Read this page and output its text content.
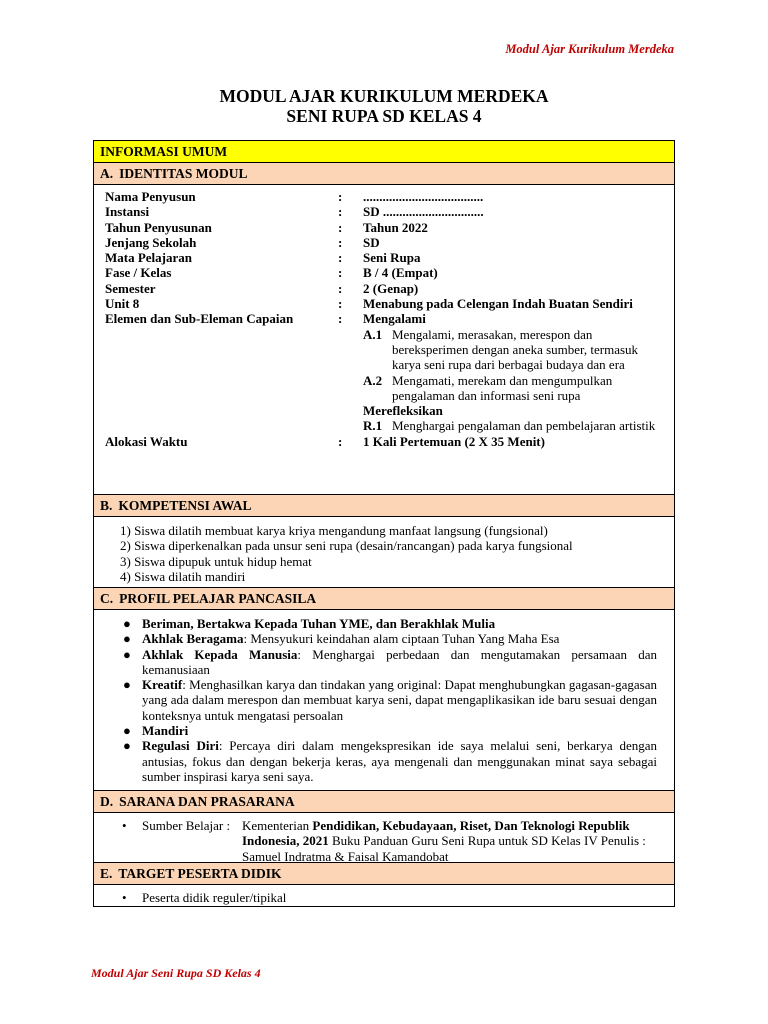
Modul Ajar Kurikulum Merdeka
MODUL AJAR KURIKULUM MERDEKA
SENI RUPA SD KELAS 4
INFORMASI UMUM
A. IDENTITAS MODUL
Nama Penyusun	:	.....................................
Instansi	:	SD ...............................
Tahun Penyusunan	:	Tahun 2022
Jenjang Sekolah	:	SD
Mata Pelajaran	:	Seni Rupa
Fase / Kelas	:	B / 4 (Empat)
Semester	:	2 (Genap)
Unit 8	:	Menabung pada Celengan Indah Buatan Sendiri
Elemen dan Sub-Eleman Capaian	:	Mengalami
A.1 Mengalami, merasakan, merespon dan bereksperimen dengan aneka sumber, termasuk karya seni rupa dari berbagai budaya dan era
A.2 Mengamati, merekam dan mengumpulkan pengalaman dan informasi seni rupa
Merefleksikan
R.1 Menghargai pengalaman dan pembelajaran artistik
Alokasi Waktu	:	1 Kali Pertemuan (2 X 35 Menit)
B. KOMPETENSI AWAL
1) Siswa dilatih membuat karya kriya mengandung manfaat langsung (fungsional)
2) Siswa diperkenalkan pada unsur seni rupa (desain/rancangan) pada karya fungsional
3) Siswa dipupuk untuk hidup hemat
4) Siswa dilatih mandiri
C. PROFIL PELAJAR PANCASILA
● Beriman, Bertakwa Kepada Tuhan YME, dan Berakhlak Mulia
● Akhlak Beragama: Mensyukuri keindahan alam ciptaan Tuhan Yang Maha Esa
● Akhlak Kepada Manusia: Menghargai perbedaan dan mengutamakan persamaan dan kemanusiaan
● Kreatif: Menghasilkan karya dan tindakan yang original: Dapat menghubungkan gagasan-gagasan yang ada dalam merespon dan membuat karya seni, dapat mengaplikasikan ide baru sesuai dengan konteksnya untuk mengatasi persoalan
● Mandiri
● Regulasi Diri: Percaya diri dalam mengekspresikan ide saya melalui seni, berkarya dengan antusias, fokus dan dengan bekerja keras, aya mengenali dan menggunakan minat saya sebagai sumber inspirasi karya seni saya.
D. SARANA DAN PRASARANA
•	Sumber Belajar : Kementerian Pendidikan, Kebudayaan, Riset, Dan Teknologi Republik Indonesia, 2021 Buku Panduan Guru Seni Rupa untuk SD Kelas IV Penulis : Samuel Indratma & Faisal Kamandobat
E. TARGET PESERTA DIDIK
•	Peserta didik reguler/tipikal
Modul Ajar Seni Rupa SD Kelas 4
